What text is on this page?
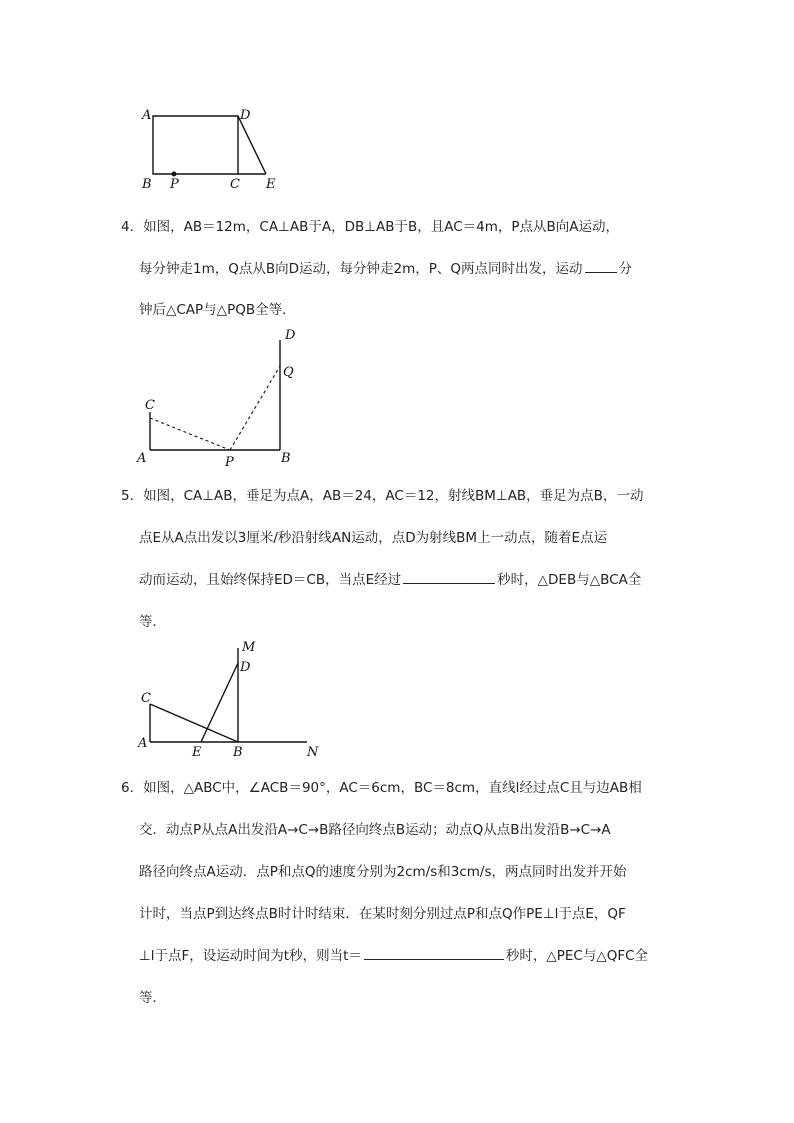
A	D
B P	C E
4．如图，AB＝12m，CA⊥AB于A，DB⊥AB于B，且AC＝4m，P点从B向A运动，
每分钟走1m，Q点从B向D运动，每分钟走2m，P、Q两点同时出发，运动	分
钟后△CAP与△PQB全等．
D
Q
C
A	P	B
5．如图，CA⊥AB，垂足为点A，AB＝24，AC＝12，射线BM⊥AB，垂足为点B，一动
点E从A点出发以3厘米/秒沿射线AN运动，点D为射线BM上一动点，随着E点运
动而运动，且始终保持ED＝CB，当点E经过	秒时，△DEB与△BCA全
等．
M
D
C
A
E B	N
6．如图，△ABC中，∠ACB＝90°，AC＝6cm，BC＝8cm，直线l经过点C且与边AB相
交．动点P从点A出发沿A→C→B路径向终点B运动；动点Q从点B出发沿B→C→A
路径向终点A运动．点P和点Q的速度分别为2cm/s和3cm/s，两点同时出发并开始
计时，当点P到达终点B时计时结束．在某时刻分别过点P和点Q作PE⊥l于点E，QF
⊥l于点F，设运动时间为t秒，则当t＝	秒时，△PEC与△QFC全
等．
